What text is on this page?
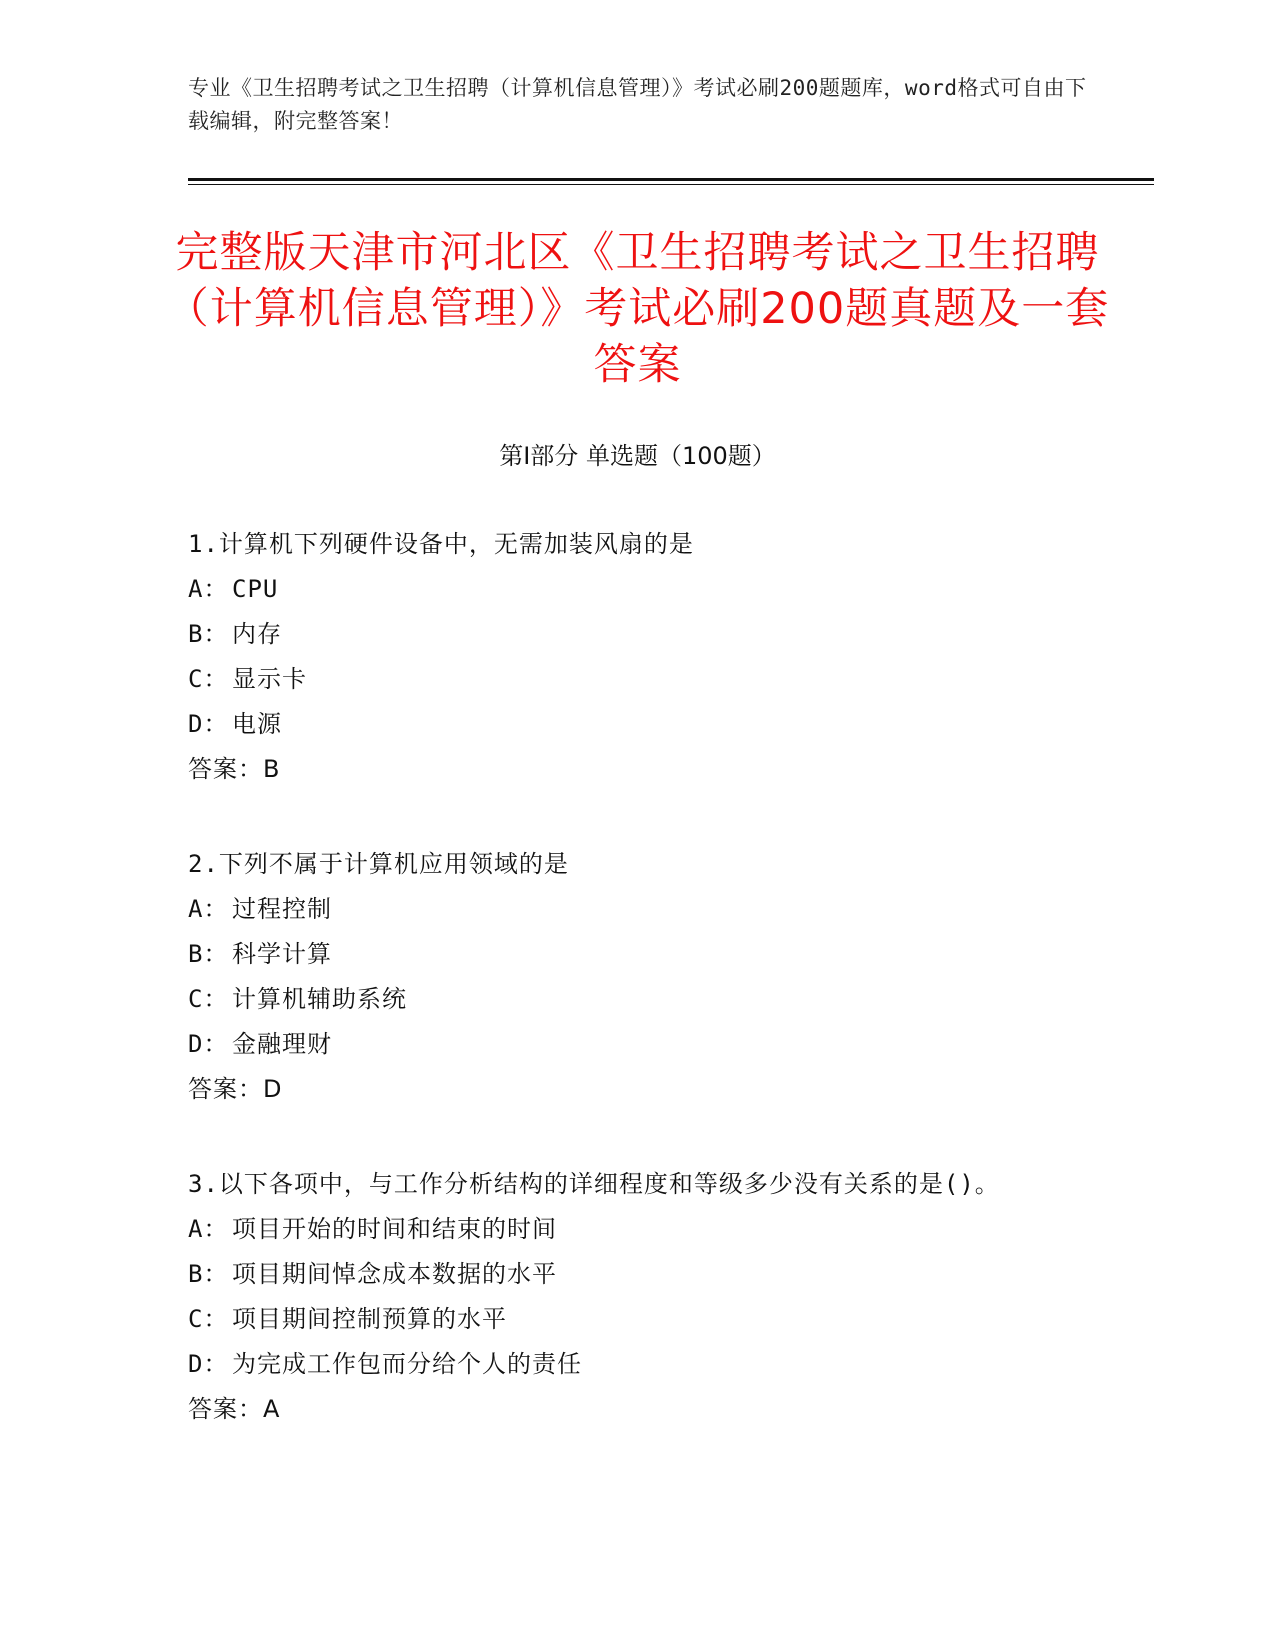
专业《卫生招聘考试之卫生招聘（计算机信息管理）》考试必刷200题题库，word格式可自由下载编辑，附完整答案！
完整版天津市河北区《卫生招聘考试之卫生招聘（计算机信息管理）》考试必刷200题真题及一套答案
第I部分 单选题（100题）

1.计算机下列硬件设备中，无需加装风扇的是

A： CPU

B： 内存

C： 显示卡

D： 电源

答案：B

2.下列不属于计算机应用领域的是

A： 过程控制

B： 科学计算

C： 计算机辅助系统

D： 金融理财

答案：D

3.以下各项中，与工作分析结构的详细程度和等级多少没有关系的是()。

A： 项目开始的时间和结束的时间

B： 项目期间悼念成本数据的水平

C： 项目期间控制预算的水平

D： 为完成工作包而分给个人的责任

答案：A
